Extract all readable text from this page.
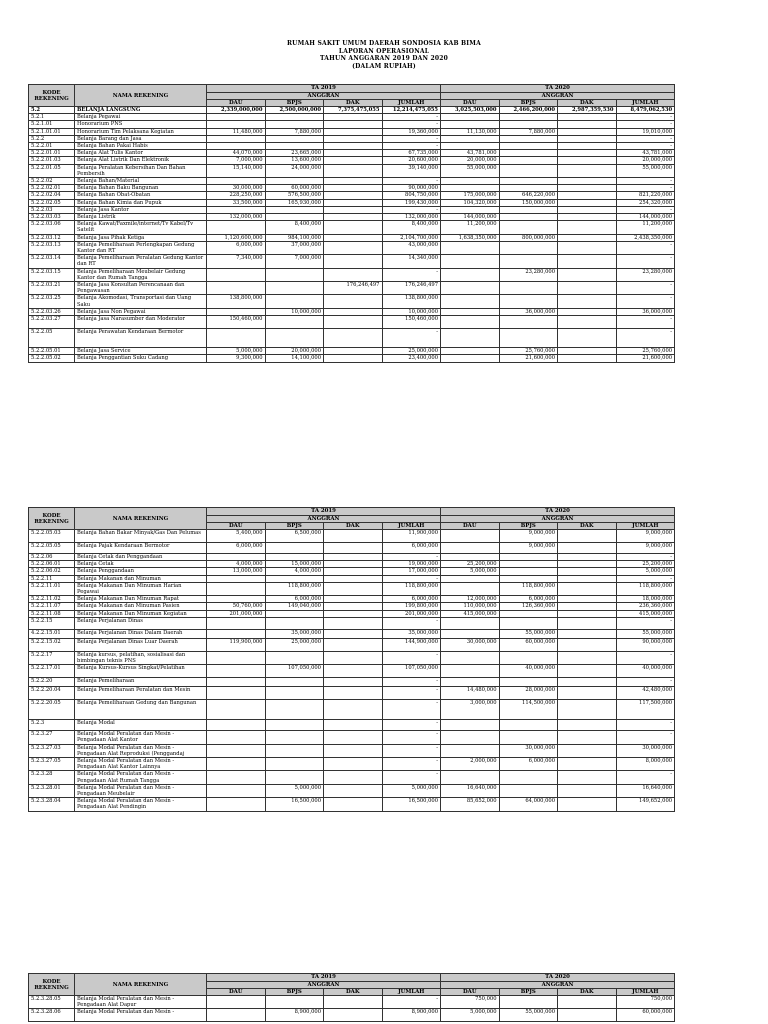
RUMAH SAKIT UMUM DAERAH SONDOSIA KAB BIMA
LAPORAN OPERASIONAL
TAHUN ANGGARAN 2019 DAN 2020
(DALAM RUPIAH)
KODE REKENING	NAMA REKENING	TA 2019				TA 2020			
		ANGGRAN				ANGGRAN			
		DAU	BPJS	DAK	JUMLAH	DAU	BPJS	DAK	JUMLAH
5.2	BELANJA LANGSUNG	2,339,000,000	2,500,000,000	7,375,475,055	12,214,475,055	3,025,503,000	2,466,200,000	2,987,359,530	8,479,062,530
5.2.1	Belanja Pegawai				-				-
5.2.1.01	Honorarium PNS				-				-
5.2.1.01.01	Honorarium Tim Pelaksana Kegiatan	11,480,000	7,880,000		19,360,000	11,130,000	7,880,000		19,010,000
5.2.2	Belanja Barang dan Jasa				-				-
5.2.2.01	Belanja Bahan Pakai Habis				-				-
5.2.2.01.01	Belanja Alat Tulis Kantor	44,070,000	23,665,000		67,735,000	43,781,000			43,781,000
5.2.2.01.03	Belanja Alat Listrik Dan Elektronik	7,000,000	13,600,000		20,600,000	20,000,000			20,000,000
5.2.2.01.05	Belanja Peralatan Kebersihan Dan Bahan Pembersih	15,140,000	24,000,000		39,140,000	55,000,000			55,000,000
5.2.2.02	Belanja Bahan/Material				-				-
5.2.2.02.01	Belanja Bahan Baku Bangunan	30,000,000	60,000,000		90,000,000				-
5.2.2.02.04	Belanja Bahan Obat-Obatan	228,250,000	576,500,000		804,750,000	175,000,000	646,220,000		821,220,000
5.2.2.02.05	Belanja Bahan Kimia dan Pupuk	33,500,000	165,930,000		199,430,000	104,320,000	150,000,000		254,320,000
5.2.2.03	Belanja Jasa Kantor				-				-
5.2.2.03.03	Belanja Listrik	132,000,000			132,000,000	144,000,000			144,000,000
5.2.2.03.06	Belanja Kawat/Faxmile/internet/Tv Kabel/Tv Satelit		8,400,000		8,400,000	11,200,000			11,200,000
5.2.2.03.12	Belanja Jasa Pihak Ketiga	1,120,600,000	984,100,000		2,104,700,000	1,638,350,000	800,000,000		2,438,350,000
5.2.2.03.13	Belanja Pemeliharaan Perlengkapan Gedung Kantor dan RT	6,000,000	37,000,000		43,000,000				-
5.2.2.03.14	Belanja Pemeliharaan Peralatan Gedung Kantor dan RT	7,340,000	7,000,000		14,340,000				-
5.2.2.03.15	Belanja Pemeliharaan Meubelair Gedung Kantor dan Rumah Tangga				-		23,280,000		23,280,000
5.2.2.03.21	Belanja Jasa Konsultan Perencanaan dan Pengawasan			176,246,497	176,246,497				-
5.2.2.03.25	Belanja Akomodasi, Transportasi dan Uang Saku	138,800,000			138,800,000				-
5.2.2.03.26	Belanja Jasa Non Pegawai		10,000,000		10,000,000		36,000,000		36,000,000
5.2.2.03.27	Belanja Jasa Narasumber dan Moderator	150,460,000			150,460,000				-
5.2.2.05	Belanja Perawatan Kendaraan Bermotor				-				-
5.2.2.05.01	Belanja Jasa Service	5,000,000	20,000,000		25,000,000		25,760,000		25,760,000
5.2.2.05.02	Belanja Penggantian Suku Cadang	9,300,000	14,100,000		23,400,000		21,600,000		21,600,000
KODE REKENING	NAMA REKENING	TA 2019				TA 2020			
		ANGGRAN				ANGGRAN			
		DAU	BPJS	DAK	JUMLAH	DAU	BPJS	DAK	JUMLAH
5.2.2.05.03	Belanja Bahan Bakar Minyak/Gas Dan Pelumas	5,400,000	6,500,000		11,900,000		9,000,000		9,000,000
5.2.2.05.05	Belanja Pajak Kendaraan Bermotor	6,000,000			6,000,000		9,000,000		9,000,000
5.2.2.06	Belanja Cetak dan Penggandaan				-				-
5.2.2.06.01	Belanja Cetak	4,000,000	15,000,000		19,000,000	25,200,000			25,200,000
5.2.2.06.02	Belanja Penggandaan	13,000,000	4,000,000		17,000,000	5,000,000			5,000,000
5.2.2.11	Belanja Makanan dan Minuman				-				-
5.2.2.11.01	Belanja Makanan Dan Minuman Harian Pegawai		118,800,000		118,800,000		118,800,000		118,800,000
5.2.2.11.02	Belanja Makanan Dan Minuman Rapat		6,000,000		6,000,000	12,000,000	6,000,000		18,000,000
5.2.2.11.07	Belanja Makanan dan Minuman Pasien	50,760,000	149,040,000		199,800,000	110,000,000	126,360,000		236,360,000
5.2.2.11.08	Belanja Makanan Dan Minuman Kegiatan	201,000,000			201,000,000	415,000,000			415,000,000
5.2.2.15	Belanja Perjalanan Dinas				-				-
4.2.2.15.01	Belanja Perjalanan Dinas Dalam Daerah		35,000,000		35,000,000		55,000,000		55,000,000
5.2.2.15.02	Belanja Perjalanan Dinas Luar Daerah	119,900,000	25,000,000		144,900,000	30,000,000	60,000,000		90,000,000
5.2.2.17	Belanja kursus, pelatihan, sosialisasi dan bimbingan teknis PNS				-				-
5.2.2.17.01	Belanja Kursus-Kursus Singkat/Pelatihan		107,050,000		107,050,000		40,000,000		40,000,000
5.2.2.20	Belanja Pemeliharaan				-				-
5.2.2.20.04	Belanja Pemeliharaan Peralatan dan Mesin				-	14,480,000	28,000,000		42,480,000
5.2.2.20.05	Belanja Pemeliharaan Gedung dan Bangunan				-	3,000,000	114,500,000		117,500,000
5.2.3	Belanja Modal				-				-
5.2.3.27	Belanja Modal Peralatan dan Mesin - Pengadaan Alat Kantor				-				-
5.2.3.27.03	Belanja Modal Peralatan dan Mesin - Pengadaan Alat Reproduksi (Penggandaj				-		30,000,000		30,000,000
5.2.3.27.05	Belanja Modal Peralatan dan Mesin - Pengadaan Alat Kantor Lainnya				-	2,000,000	6,000,000		8,000,000
5.2.3.28	Belanja Modal Peralatan dan Mesin - Pengadaan Alat Rumah Tangga				-				-
5.2.3.28.01	Belanja Modal Peralatan dan Mesin - Pengadaan Meubelair		5,000,000		5,000,000	16,640,000			16,640,000
5.2.3.28.04	Belanja Modal Peralatan dan Mesin - Pengadaan Alat Pendingin		16,500,000		16,500,000	85,652,000	64,000,000		149,652,000
KODE REKENING	NAMA REKENING	TA 2019				TA 2020			
		ANGGRAN				ANGGRAN			
		DAU	BPJS	DAK	JUMLAH	DAU	BPJS	DAK	JUMLAH
5.2.3.28.05	Belanja Modal Peralatan dan Mesin - Pengadaan Alat Dapur				-	750,000			750,000
5.2.3.28.06	Belanja Modal Peralatan dan Mesin -		8,900,000		8,900,000	5,000,000	55,000,000		60,000,000
